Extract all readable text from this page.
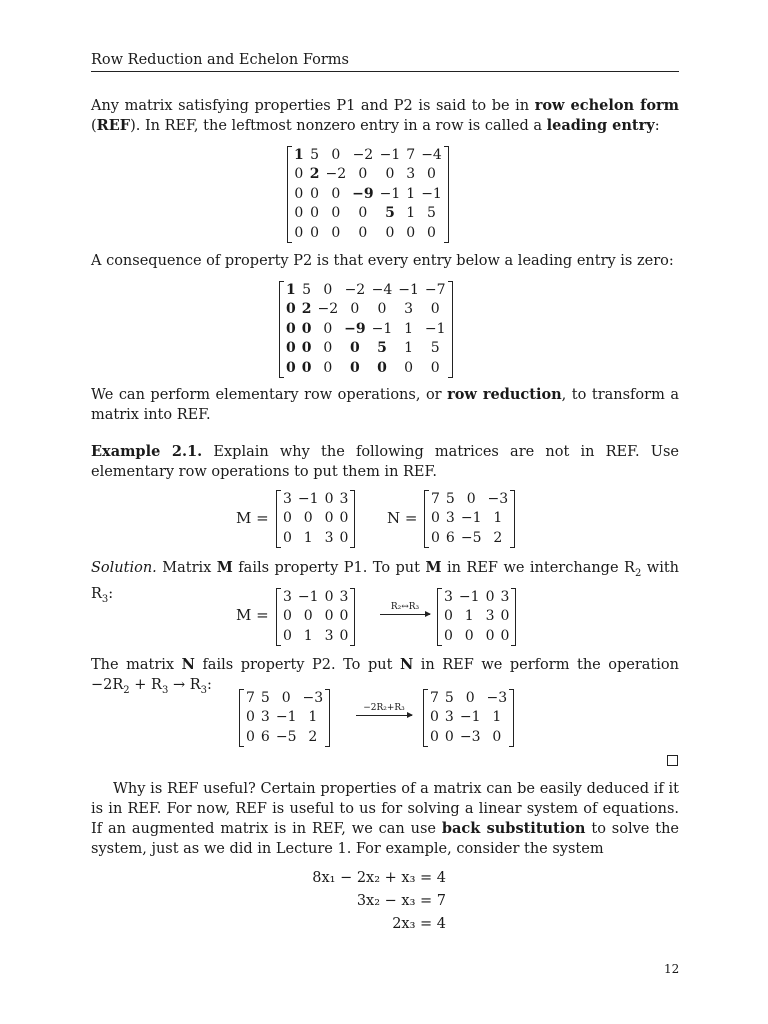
Row Reduction and Echelon Forms

Any matrix satisfying properties P1 and P2 is said to be in row echelon form (REF). In REF, the leftmost nonzero entry in a row is called a leading entry:

1	5	0	−2	−1	7	−4
0	2	−2	0	0	3	0
0	0	0	−9	−1	1	−1
0	0	0	0	5	1	5
0	0	0	0	0	0	0

A consequence of property P2 is that every entry below a leading entry is zero:

1	5	0	−2	−4	−1	−7
0	2	−2	0	0	3	0
0	0	0	−9	−1	1	−1
0	0	0	0	5	1	5
0	0	0	0	0	0	0

We can perform elementary row operations, or row reduction, to transform a matrix into REF.

Example 2.1. Explain why the following matrices are not in REF. Use elementary row operations to put them in REF.

M =
3	−1	0	3
0	0	0	0
0	1	3	0
N =
7	5	0	−3
0	3	−1	1
0	6	−5	2

Solution. Matrix M fails property P1. To put M in REF we interchange $R_2$ with $R_3$:

M =
3	−1	0	3
0	0	0	0
0	1	3	0
R₂↔R₃
3	−1	0	3
0	1	3	0
0	0	0	0

The matrix N fails property P2. To put N in REF we perform the operation $-2R_2 + R_3 \to R_3$:

7	5	0	−3
0	3	−1	1
0	6	−5	2
−2R₂+R₃
7	5	0	−3
0	3	−1	1
0	0	−3	0

Why is REF useful? Certain properties of a matrix can be easily deduced if it is in REF. For now, REF is useful to us for solving a linear system of equations. If an augmented matrix is in REF, we can use back substitution to solve the system, just as we did in Lecture 1. For example, consider the system

8x₁ − 2x₂ + x₃ = 4
3x₂ − x₃ = 7
2x₃ = 4
12
